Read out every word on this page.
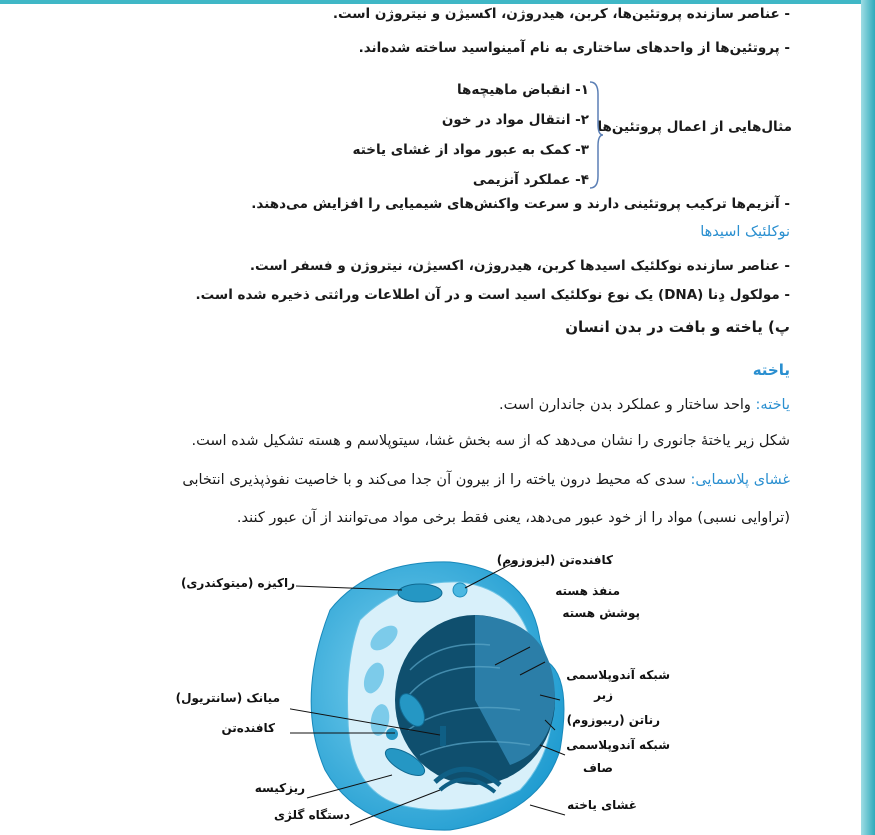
- عناصر سازنده پروتئین‌ها، کربن، هیدروژن، اکسیژن و نیتروژن است.
- پروتئین‌ها از واحدهای ساختاری به نام آمینواسید ساخته شده‌اند.
مثال‌هایی از اعمال پروتئین‌ها
۱- انقباض ماهیچه‌ها
۲- انتقال مواد در خون
۳- کمک به عبور مواد از غشای یاخته
۴- عملکرد آنزیمی
- آنزیم‌ها ترکیب پروتئینی دارند و سرعت واکنش‌های شیمیایی را افزایش می‌دهند.
نوکلئیک اسیدها
- عناصر سازنده نوکلئیک اسیدها کربن، هیدروژن، اکسیژن، نیتروژن و فسفر است.
- مولکول دِنا (DNA) یک نوع نوکلئیک اسید است و در آن اطلاعات وراثتی ذخیره شده است.
پ) یاخته و بافت در بدن انسان
یاخته
یاخته: واحد ساختار و عملکرد بدن جاندارن است.
شکل زیر یاختهٔ جانوری را نشان می‌دهد که از سه بخش غشا، سیتوپلاسم و هسته تشکیل شده است.
غشای پلاسمایی: سدی که محیط درون یاخته را از بیرون آن جدا می‌کند و با خاصیت نفوذپذیری انتخابی
(تراوایی نسبی) مواد را از خود عبور می‌دهد، یعنی فقط برخی مواد می‌توانند از آن عبور کنند.
کافنده‌تن (لیزوزوم)
راکیزه (میتوکندری)
منفذ هسته
پوشش هسته
شبکه آندوپلاسمی
زبر
میانک (سانتریول)
کافنده‌تن
رناتن (ریبوزوم)
شبکه آندوپلاسمی
صاف
ریزکیسه
دستگاه گلژی
غشای یاخته
